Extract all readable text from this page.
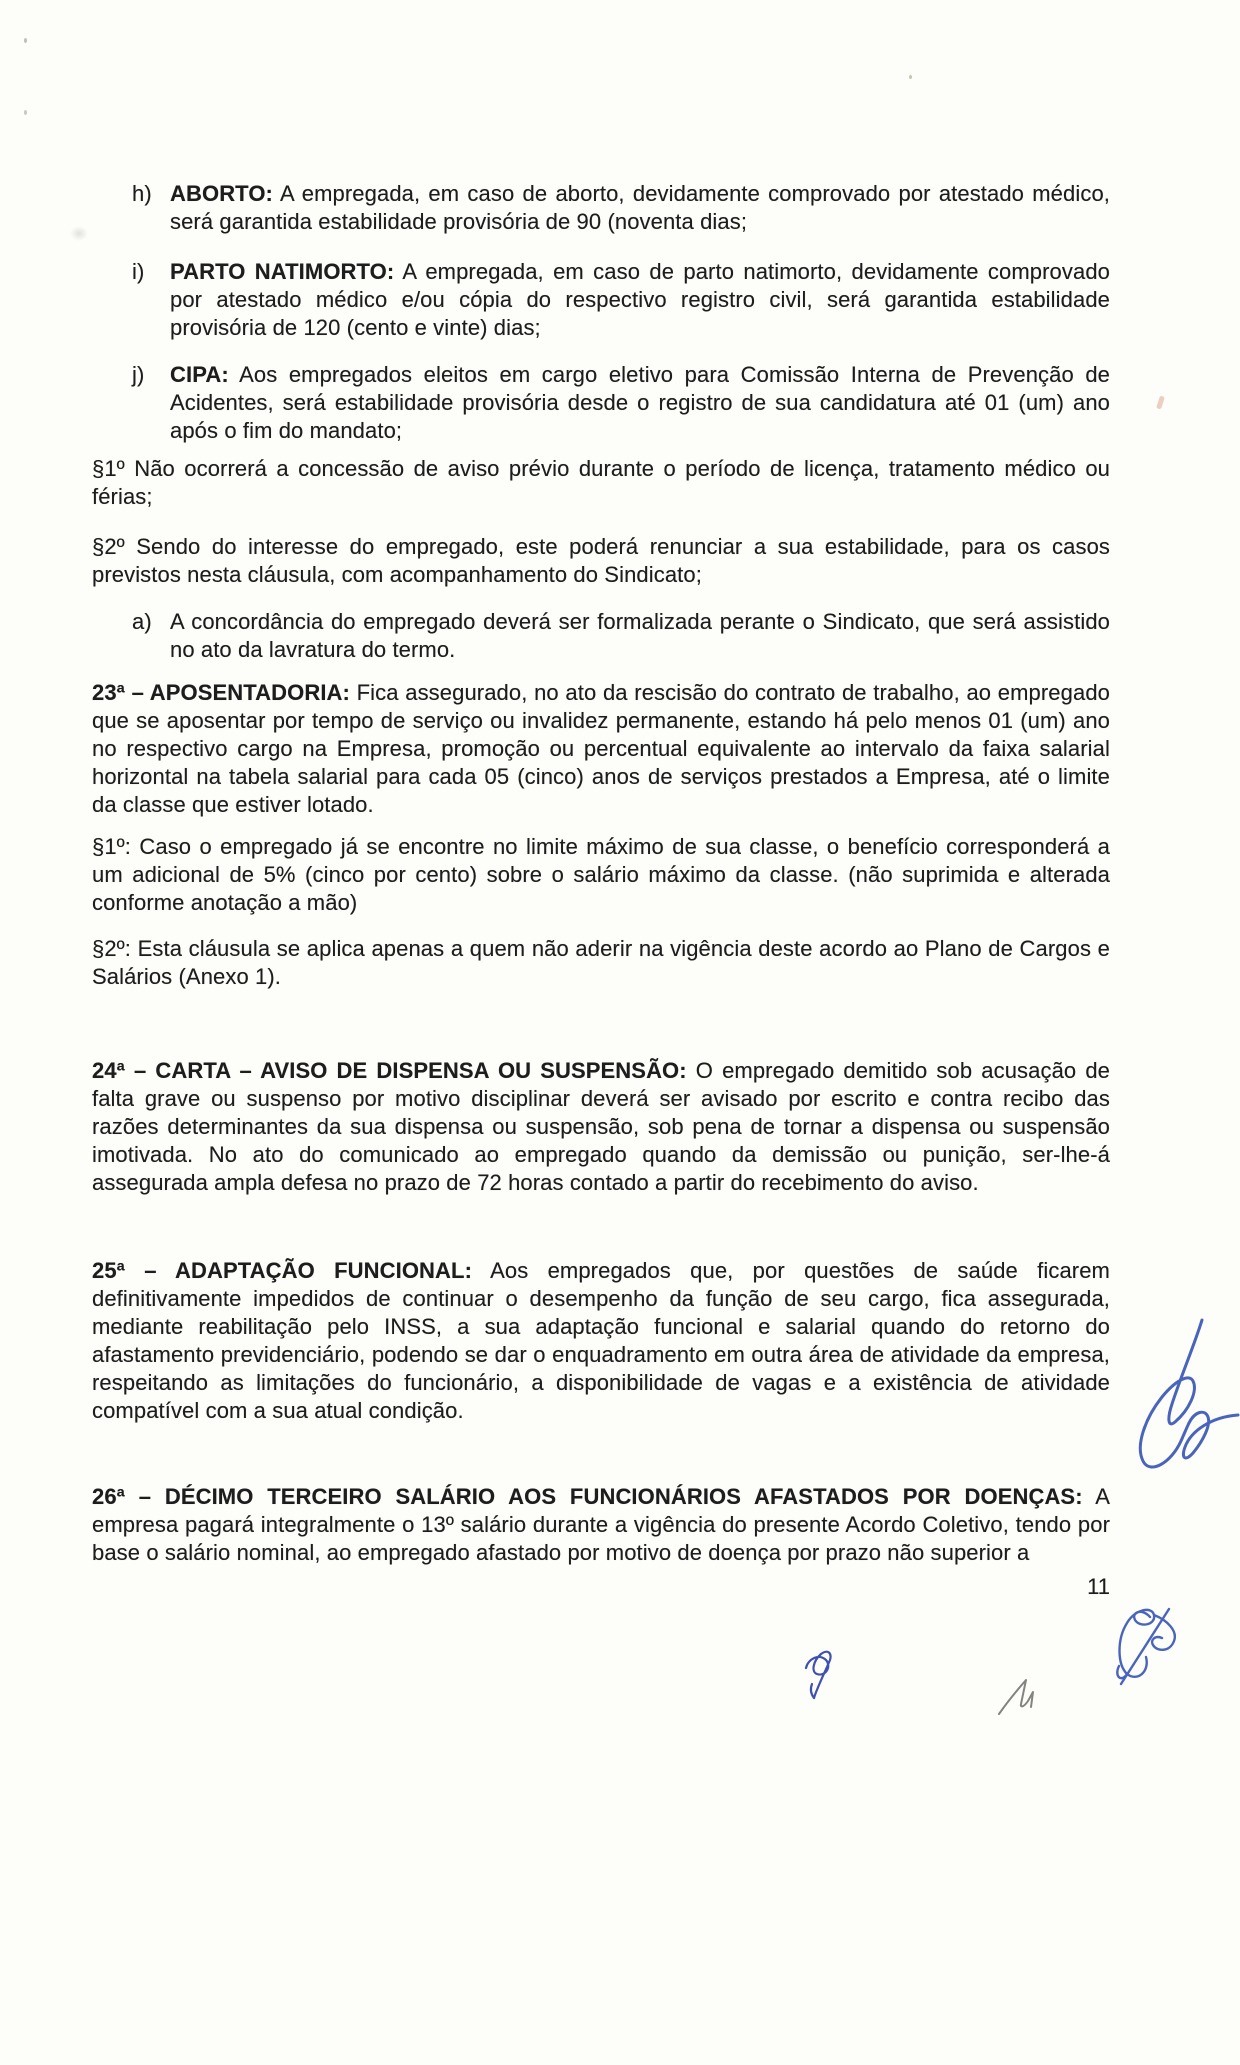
h) ABORTO: A empregada, em caso de aborto, devidamente comprovado por atestado médico, será garantida estabilidade provisória de 90 (noventa dias;
i)	PARTO NATIMORTO: A empregada, em caso de parto natimorto, devidamente comprovado por atestado médico e/ou cópia do respectivo registro civil, será garantida estabilidade provisória de 120 (cento e vinte) dias;
j)	CIPA: Aos empregados eleitos em cargo eletivo para Comissão Interna de Prevenção de Acidentes, será estabilidade provisória desde o registro de sua candidatura até 01 (um) ano após o fim do mandato;
§1º Não ocorrerá a concessão de aviso prévio durante o período de licença, tratamento médico ou férias;
§2º Sendo do interesse do empregado, este poderá renunciar a sua estabilidade, para os casos previstos nesta cláusula, com acompanhamento do Sindicato;
a) A concordância do empregado deverá ser formalizada perante o Sindicato, que será assistido no ato da lavratura do termo.
23ª – APOSENTADORIA: Fica assegurado, no ato da rescisão do contrato de trabalho, ao empregado que se aposentar por tempo de serviço ou invalidez permanente, estando há pelo menos 01 (um) ano no respectivo cargo na Empresa, promoção ou percentual equivalente ao intervalo da faixa salarial horizontal na tabela salarial para cada 05 (cinco) anos de serviços prestados a Empresa, até o limite da classe que estiver lotado.
§1º: Caso o empregado já se encontre no limite máximo de sua classe, o benefício corresponderá a um adicional de 5% (cinco por cento) sobre o salário máximo da classe. (não suprimida e alterada conforme anotação a mão)
§2º: Esta cláusula se aplica apenas a quem não aderir na vigência deste acordo ao Plano de Cargos e Salários (Anexo 1).
24ª – CARTA – AVISO DE DISPENSA OU SUSPENSÃO: O empregado demitido sob acusação de falta grave ou suspenso por motivo disciplinar deverá ser avisado por escrito e contra recibo das razões determinantes da sua dispensa ou suspensão, sob pena de tornar a dispensa ou suspensão imotivada. No ato do comunicado ao empregado quando da demissão ou punição, ser-lhe-á assegurada ampla defesa no prazo de 72 horas contado a partir do recebimento do aviso.
25ª – ADAPTAÇÃO FUNCIONAL: Aos empregados que, por questões de saúde ficarem definitivamente impedidos de continuar o desempenho da função de seu cargo, fica assegurada, mediante reabilitação pelo INSS, a sua adaptação funcional e salarial quando do retorno do afastamento previdenciário, podendo se dar o enquadramento em outra área de atividade da empresa, respeitando as limitações do funcionário, a disponibilidade de vagas e a existência de atividade compatível com a sua atual condição.
26ª – DÉCIMO TERCEIRO SALÁRIO AOS FUNCIONÁRIOS AFASTADOS POR DOENÇAS: A empresa pagará integralmente o 13º salário durante a vigência do presente Acordo Coletivo, tendo por base o salário nominal, ao empregado afastado por motivo de doença por prazo não superior a
11
